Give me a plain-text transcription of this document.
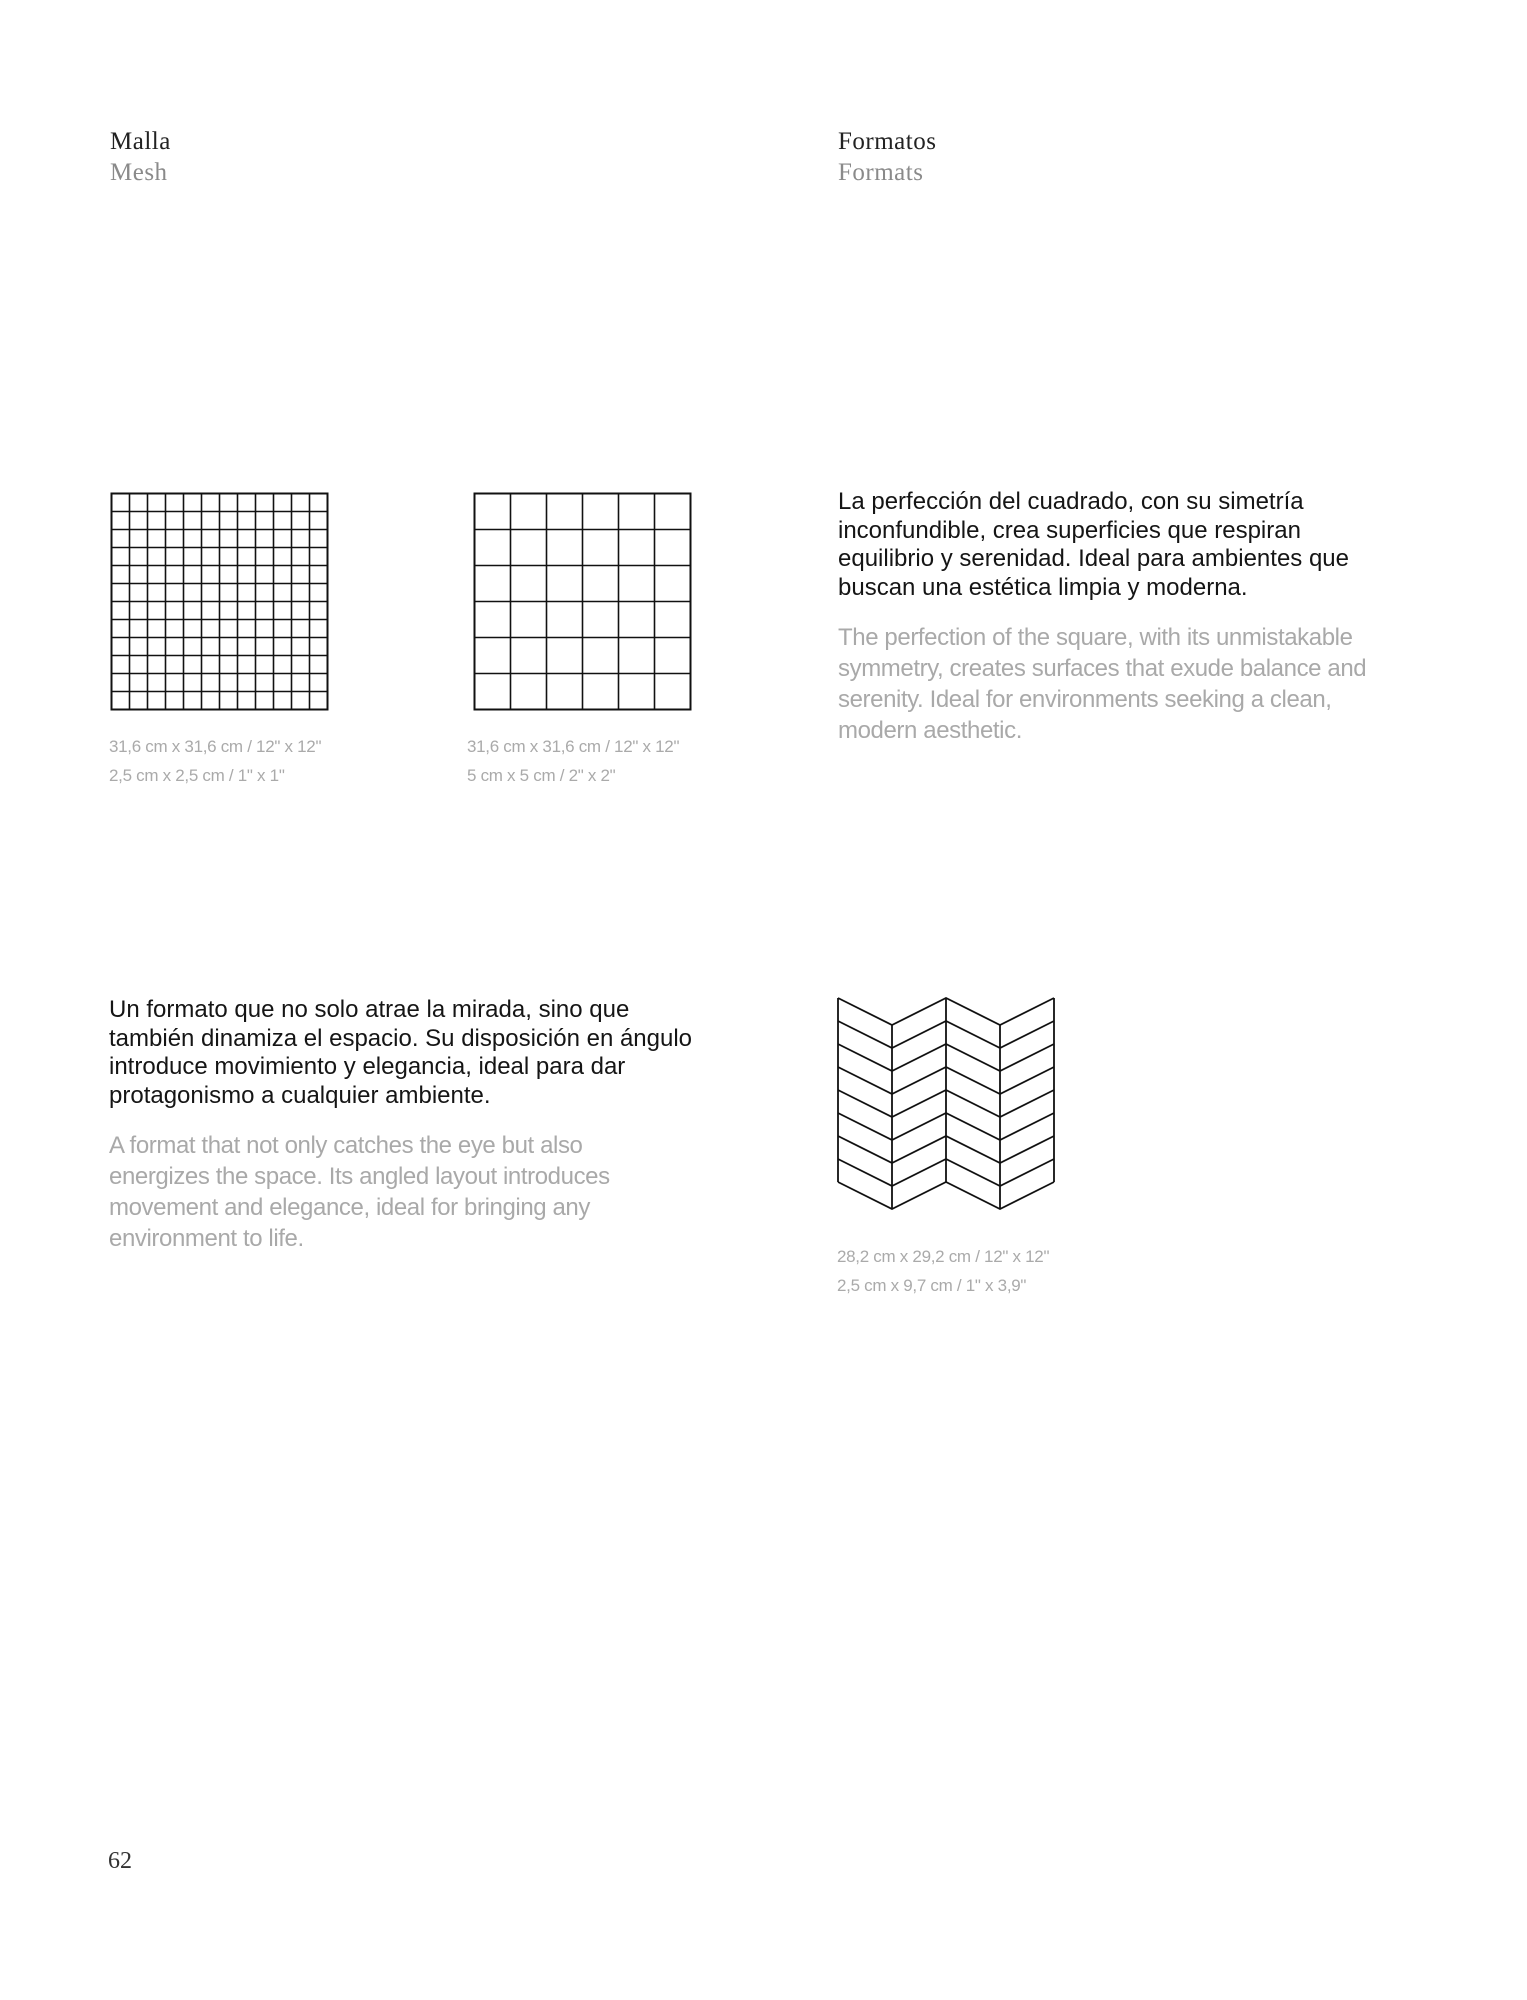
Malla
Mesh
Formatos
Formats
31,6 cm x 31,6 cm / 12" x 12"
2,5 cm x 2,5 cm / 1" x 1"
31,6 cm x 31,6 cm / 12" x 12"
5 cm x 5 cm / 2" x 2"
La perfección del cuadrado, con su simetría inconfundible, crea superficies que respiran equilibrio y serenidad. Ideal para ambientes que buscan una estética limpia y moderna.
The perfection of the square, with its unmistakable symmetry, creates surfaces that exude balance and serenity. Ideal for environments seeking a clean, modern aesthetic.
Un formato que no solo atrae la mirada, sino que también dinamiza el espacio. Su disposición en ángulo introduce movimiento y elegancia, ideal para dar protagonismo a cualquier ambiente.
A format that not only catches the eye but also energizes the space. Its angled layout introduces movement and elegance, ideal for bringing any environment to life.
28,2 cm x 29,2 cm / 12" x 12"
2,5 cm x 9,7 cm / 1" x 3,9"
62
